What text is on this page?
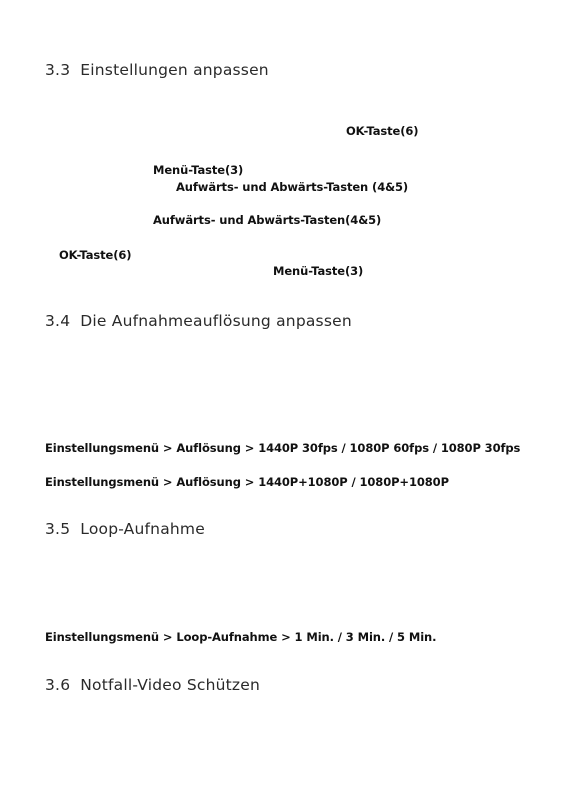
3.3 Einstellungen anpassen
OK-Taste(6)
Menü-Taste(3)
Aufwärts- und Abwärts-Tasten (4&5)
Aufwärts- und Abwärts-Tasten(4&5)
OK-Taste(6)
Menü-Taste(3)
3.4 Die Aufnahmeauflösung anpassen
Einstellungsmenü > Auflösung > 1440P 30fps / 1080P 60fps / 1080P 30fps
Einstellungsmenü > Auflösung > 1440P+1080P / 1080P+1080P
3.5 Loop-Aufnahme
Einstellungsmenü > Loop-Aufnahme > 1 Min. / 3 Min. / 5 Min.
3.6 Notfall-Video Schützen
